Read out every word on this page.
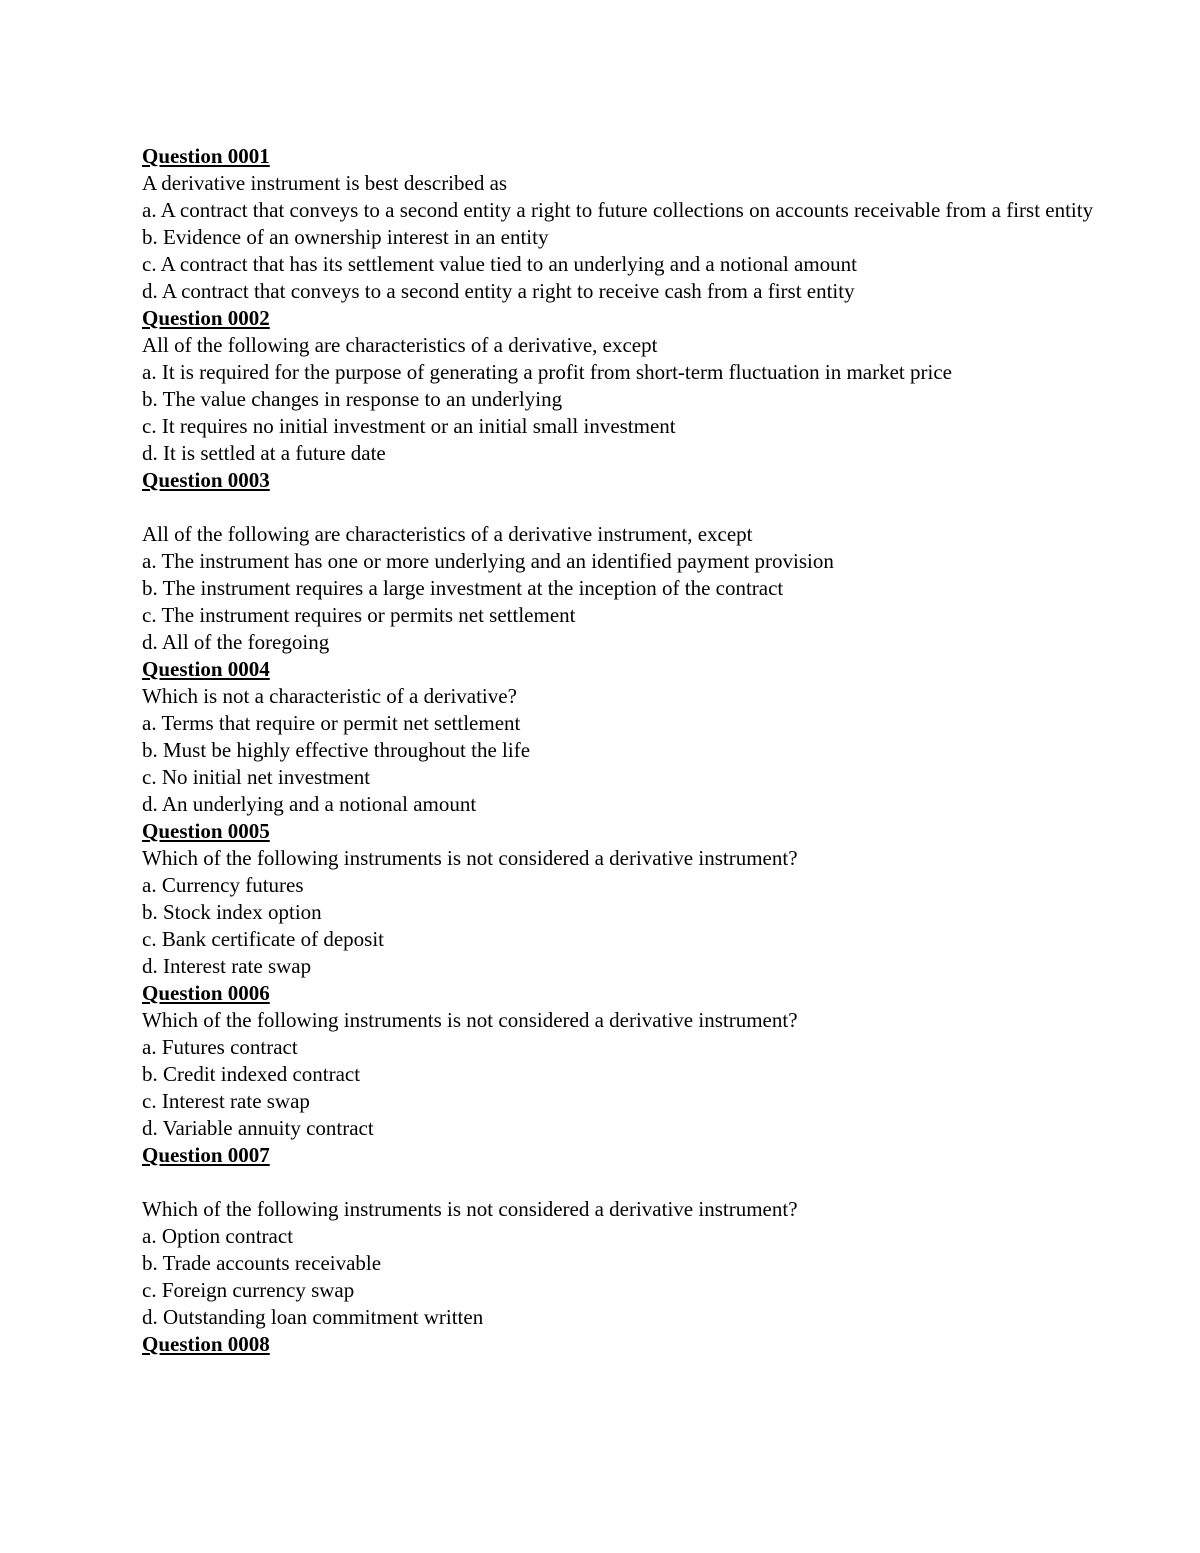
Question 0001
A derivative instrument is best described as
a. A contract that conveys to a second entity a right to future collections on accounts receivable from a first entity
b. Evidence of an ownership interest in an entity
c. A contract that has its settlement value tied to an underlying and a notional amount
d. A contract that conveys to a second entity a right to receive cash from a first entity
Question 0002
All of the following are characteristics of a derivative, except
a. It is required for the purpose of generating a profit from short-term fluctuation in market price
b. The value changes in response to an underlying
c. It requires no initial investment or an initial small investment
d. It is settled at a future date
Question 0003
All of the following are characteristics of a derivative instrument, except
a. The instrument has one or more underlying and an identified payment provision
b. The instrument requires a large investment at the inception of the contract
c. The instrument requires or permits net settlement
d. All of the foregoing
Question 0004
Which is not a characteristic of a derivative?
a. Terms that require or permit net settlement
b. Must be highly effective throughout the life
c. No initial net investment
d. An underlying and a notional amount
Question 0005
Which of the following instruments is not considered a derivative instrument?
a. Currency futures
b. Stock index option
c. Bank certificate of deposit
d. Interest rate swap
Question 0006
Which of the following instruments is not considered a derivative instrument?
a. Futures contract
b. Credit indexed contract
c. Interest rate swap
d. Variable annuity contract
Question 0007
Which of the following instruments is not considered a derivative instrument?
a. Option contract
b. Trade accounts receivable
c. Foreign currency swap
d. Outstanding loan commitment written
Question 0008
